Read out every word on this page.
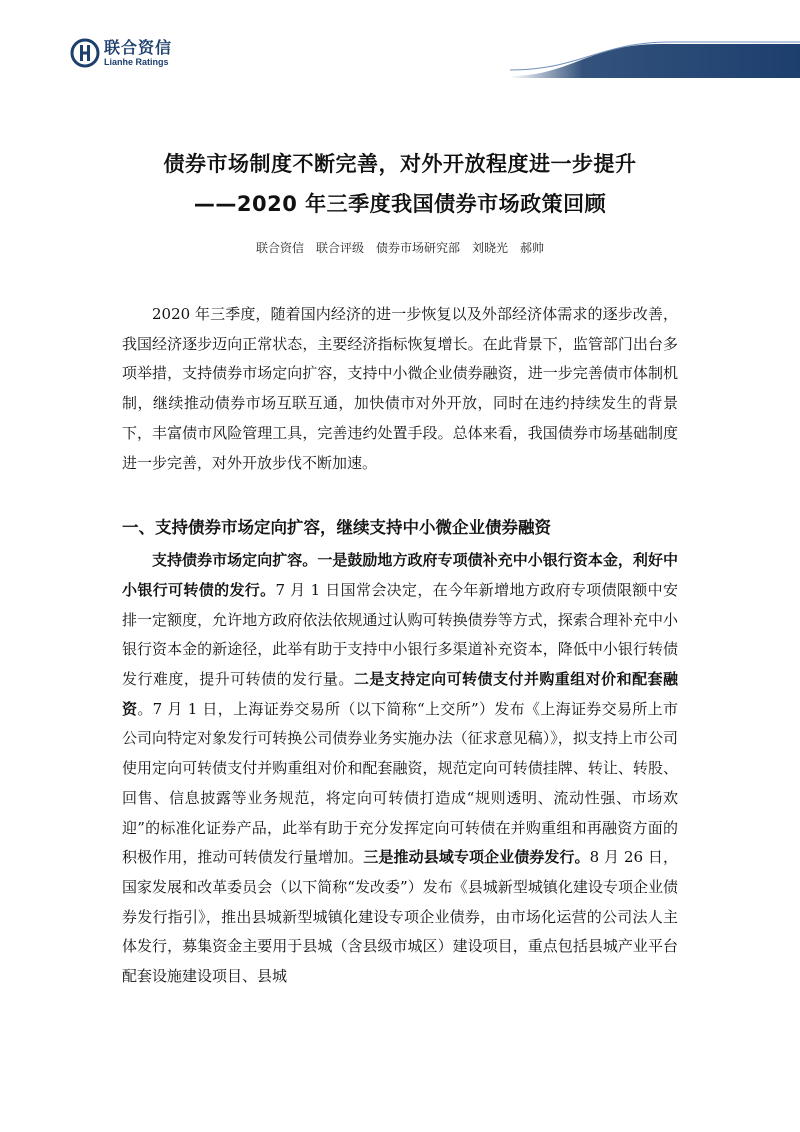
联合资信
Lianhe Ratings
www.lhratings.com
债券市场制度不断完善，对外开放程度进一步提升
——2020 年三季度我国债券市场政策回顾
联合资信　联合评级　债券市场研究部　刘晓光　郝帅

2020 年三季度，随着国内经济的进一步恢复以及外部经济体需求的逐步改善，我国经济逐步迈向正常状态，主要经济指标恢复增长。在此背景下，监管部门出台多项举措，支持债券市场定向扩容，支持中小微企业债券融资，进一步完善债市体制机制，继续推动债券市场互联互通，加快债市对外开放，同时在违约持续发生的背景下，丰富债市风险管理工具，完善违约处置手段。总体来看，我国债券市场基础制度进一步完善，对外开放步伐不断加速。

一、支持债券市场定向扩容，继续支持中小微企业债券融资

支持债券市场定向扩容。一是鼓励地方政府专项债补充中小银行资本金，利好中小银行可转债的发行。7 月 1 日国常会决定，在今年新增地方政府专项债限额中安排一定额度，允许地方政府依法依规通过认购可转换债券等方式，探索合理补充中小银行资本金的新途径，此举有助于支持中小银行多渠道补充资本，降低中小银行转债发行难度，提升可转债的发行量。二是支持定向可转债支付并购重组对价和配套融资。7 月 1 日，上海证券交易所（以下简称“上交所”）发布《上海证券交易所上市公司向特定对象发行可转换公司债券业务实施办法（征求意见稿）》，拟支持上市公司使用定向可转债支付并购重组对价和配套融资，规范定向可转债挂牌、转让、转股、回售、信息披露等业务规范，将定向可转债打造成“规则透明、流动性强、市场欢迎”的标准化证券产品，此举有助于充分发挥定向可转债在并购重组和再融资方面的积极作用，推动可转债发行量增加。三是推动县域专项企业债券发行。8 月 26 日，国家发展和改革委员会（以下简称“发改委”）发布《县城新型城镇化建设专项企业债券发行指引》，推出县城新型城镇化建设专项企业债券，由市场化运营的公司法人主体发行，募集资金主要用于县城（含县级市城区）建设项目，重点包括县城产业平台配套设施建设项目、县城
